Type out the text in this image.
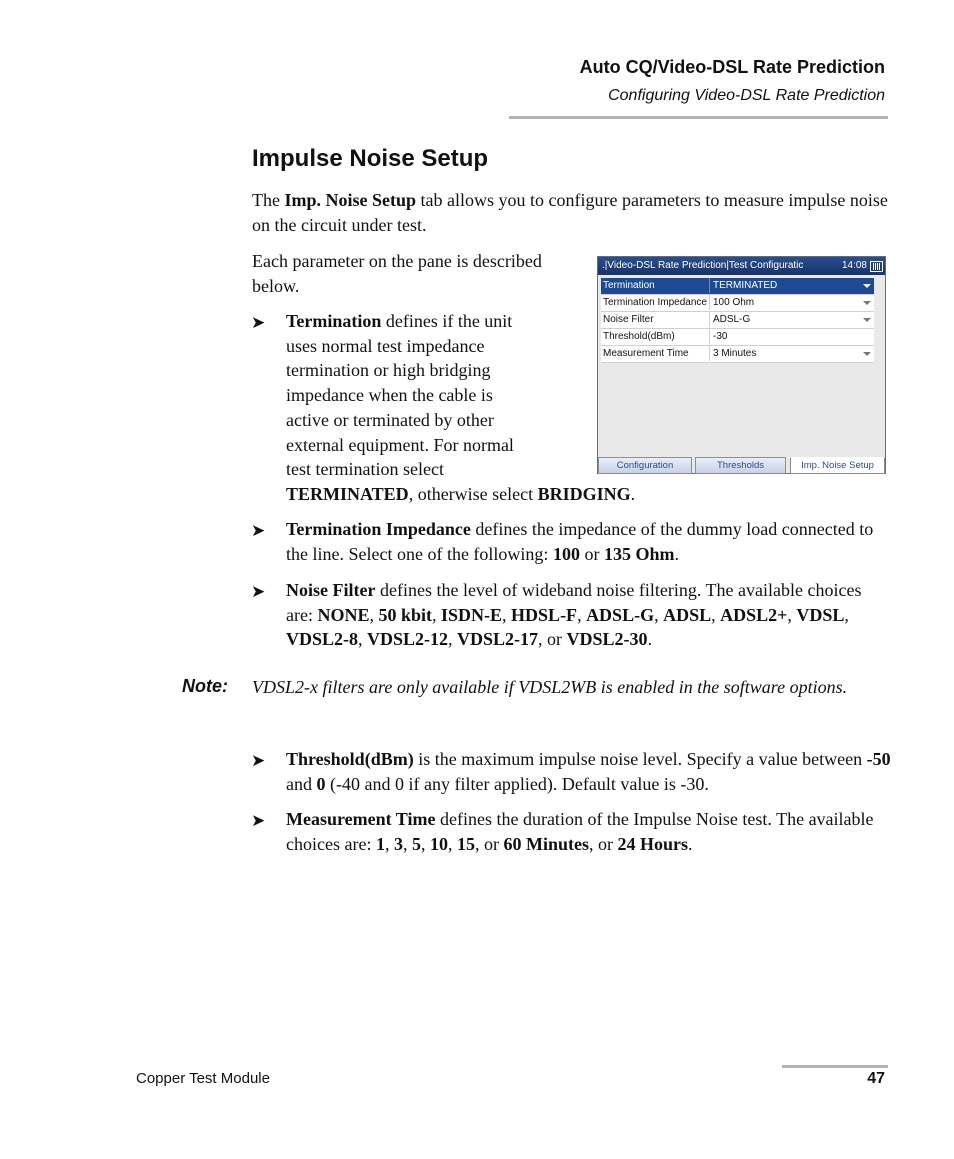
Auto CQ/Video-DSL Rate Prediction
Configuring Video-DSL Rate Prediction
Impulse Noise Setup

The Imp. Noise Setup tab allows you to configure parameters to measure impulse noise on the circuit under test.

Each parameter on the pane is described below.

➤ Termination defines if the unit
uses normal test impedance
termination or high bridging
impedance when the cable is
active or terminated by other
external equipment. For normal
test termination select
TERMINATED, otherwise select BRIDGING.
.|Video-DSL Rate Prediction|Test Configuratic	14:08
Termination	TERMINATED
Termination Impedance 100 Ohm
Noise Filter	ADSL-G
Threshold(dBm)	-30
Measurement Time	3 Minutes
Configuration	Thresholds	Imp. Noise Setup
➤ Termination Impedance defines the impedance of the dummy load connected to the line. Select one of the following: 100 or 135 Ohm.

➤ Noise Filter defines the level of wideband noise filtering. The available choices are: NONE, 50 kbit, ISDN-E, HDSL-F, ADSL-G, ADSL, ADSL2+, VDSL, VDSL2-8, VDSL2-12, VDSL2-17, or VDSL2-30.

Note: VDSL2-x filters are only available if VDSL2WB is enabled in the software options.

➤ Threshold(dBm) is the maximum impulse noise level. Specify a value between -50 and 0 (-40 and 0 if any filter applied). Default value is -30.

➤ Measurement Time defines the duration of the Impulse Noise test. The available choices are: 1, 3, 5, 10, 15, or 60 Minutes, or 24 Hours.

Copper Test Module	47
